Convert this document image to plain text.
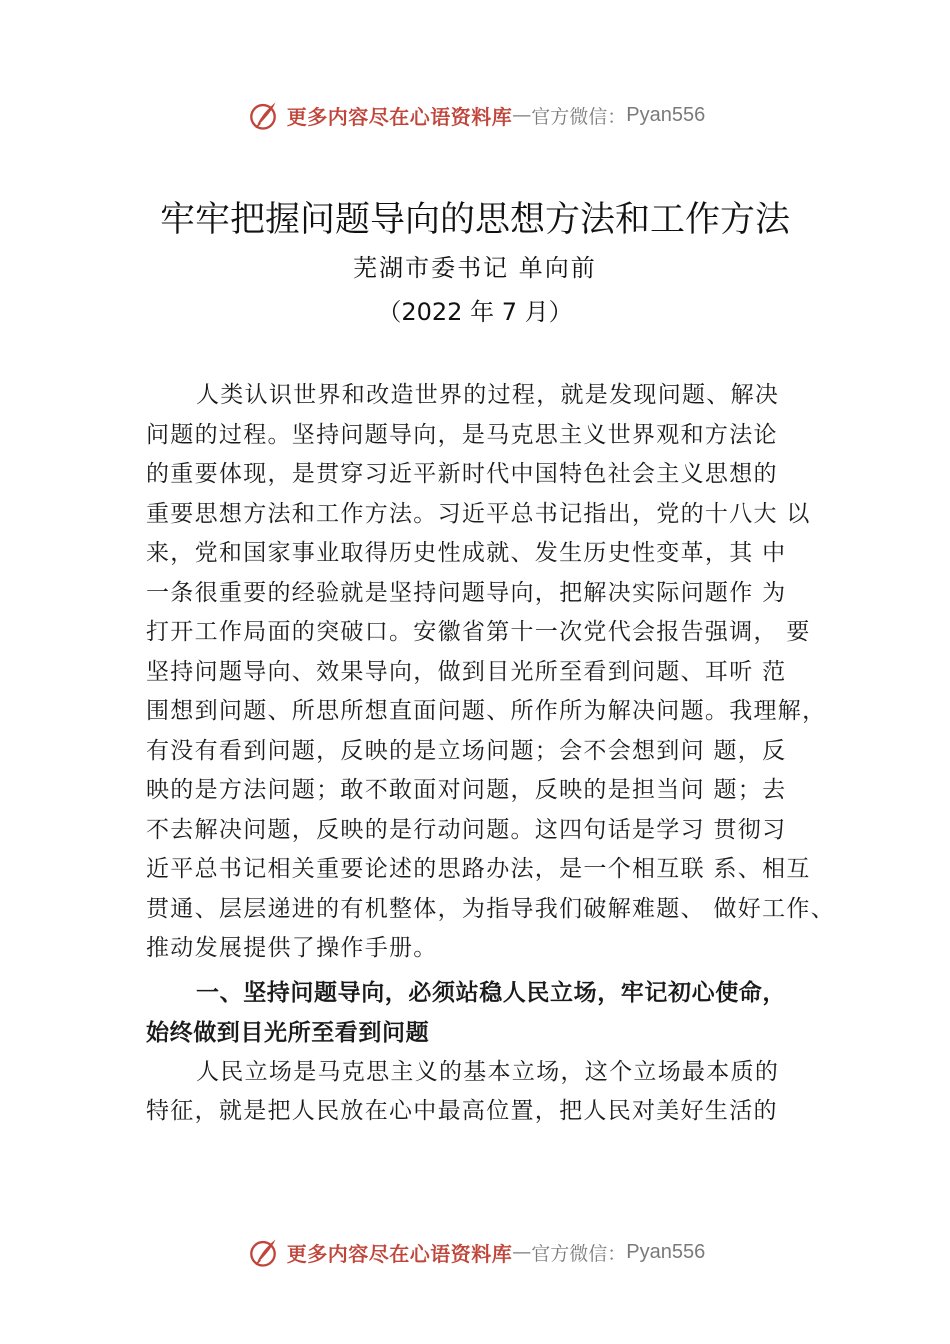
更多内容尽在心语资料库 — 官方微信： Pyan556
牢牢把握问题导向的思想方法和工作方法
芜湖市委书记 单向前
（2022 年 7 月）
人类认识世界和改造世界的过程，就是发现问题、解决
问题的过程。坚持问题导向，是马克思主义世界观和方法论
的重要体现，是贯穿习近平新时代中国特色社会主义思想的
重要思想方法和工作方法。习近平总书记指出，党的十八大 以
来，党和国家事业取得历史性成就、发生历史性变革，其 中
一条很重要的经验就是坚持问题导向，把解决实际问题作 为
打开工作局面的突破口。安徽省第十一次党代会报告强调， 要
坚持问题导向、效果导向，做到目光所至看到问题、耳听 范
围想到问题、所思所想直面问题、所作所为解决问题。我理解，
有没有看到问题，反映的是立场问题；会不会想到问 题，反
映的是方法问题；敢不敢面对问题，反映的是担当问 题；去
不去解决问题，反映的是行动问题。这四句话是学习 贯彻习
近平总书记相关重要论述的思路办法，是一个相互联 系、相互
贯通、层层递进的有机整体，为指导我们破解难题、 做好工作、
推动发展提供了操作手册。
一、坚持问题导向，必须站稳人民立场，牢记初心使命，
始终做到目光所至看到问题
人民立场是马克思主义的基本立场，这个立场最本质的
特征，就是把人民放在心中最高位置，把人民对美好生活的
更多内容尽在心语资料库 — 官方微信： Pyan556
